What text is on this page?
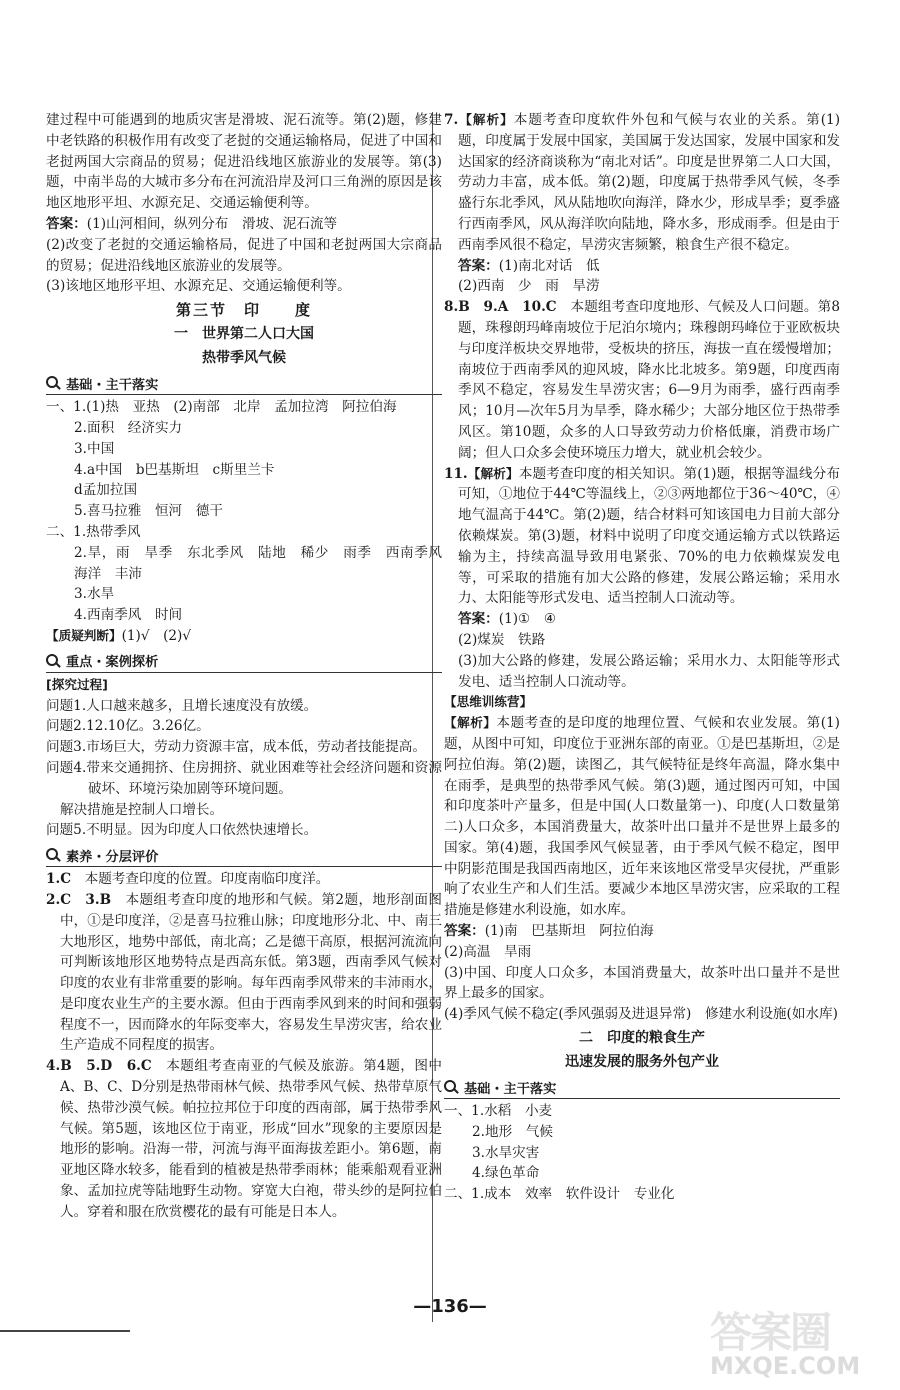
建过程中可能遇到的地质灾害是滑坡、泥石流等。第(2)题，修建中老铁路的积极作用有改变了老挝的交通运输格局，促进了中国和老挝两国大宗商品的贸易；促进沿线地区旅游业的发展等。第(3)题，中南半岛的大城市多分布在河流沿岸及河口三角洲的原因是该地区地形平坦、水源充足、交通运输便利等。

答案：(1)山河相间，纵列分布　滑坡、泥石流等

(2)改变了老挝的交通运输格局，促进了中国和老挝两国大宗商品的贸易；促进沿线地区旅游业的发展等。

(3)该地区地形平坦、水源充足、交通运输便利等。

第三节　印　　度
一　世界第二人口大国
热带季风气候
基础・主干落实

一、1.(1)热　亚热　(2)南部　北岸　孟加拉湾　阿拉伯海

2.面积　经济实力

3.中国

4.a中国　b巴基斯坦　c斯里兰卡

d孟加拉国

5.喜马拉雅　恒河　德干

二、1.热带季风

2.旱，雨　旱季　东北季风　陆地　稀少　雨季　西南季风　海洋　丰沛

3.水旱

4.西南季风　时间

【质疑判断】(1)√　(2)√

重点・案例探析

[探究过程]

问题1.人口越来越多，且增长速度没有放缓。

问题2.12.10亿。3.26亿。

问题3.市场巨大，劳动力资源丰富，成本低，劳动者技能提高。

问题4.带来交通拥挤、住房拥挤、就业困难等社会经济问题和资源破坏、环境污染加剧等环境问题。

解决措施是控制人口增长。

问题5.不明显。因为印度人口依然快速增长。

素养・分层评价

1.C　 本题考查印度的位置。印度南临印度洋。

2.C　3.B　 本题组考查印度的地形和气候。第2题，地形剖面图中，①是印度洋，②是喜马拉雅山脉；印度地形分北、中、南三大地形区，地势中部低，南北高；乙是德干高原，根据河流流向可判断该地形区地势特点是西高东低。第3题，西南季风气候对印度的农业有非常重要的影响。每年西南季风带来的丰沛雨水，是印度农业生产的主要水源。但由于西南季风到来的时间和强弱程度不一，因而降水的年际变率大，容易发生旱涝灾害，给农业生产造成不同程度的损害。

4.B　5.D　6.C　 本题组考查南亚的气候及旅游。第4题，图中A、B、C、D分别是热带雨林气候、热带季风气候、热带草原气候、热带沙漠气候。帕拉拉邦位于印度的西南部，属于热带季风气候。第5题，该地区位于南亚，形成“回水”现象的主要原因是地形的影响。沿海一带，河流与海平面海拔差距小。第6题，南亚地区降水较多，能看到的植被是热带季雨林；能乘船观看亚洲象、孟加拉虎等陆地野生动物。穿宽大白袍，带头纱的是阿拉伯人。穿着和服在欣赏樱花的最有可能是日本人。

7.【解析】本题考查印度软件外包和气候与农业的关系。第(1)题，印度属于发展中国家，美国属于发达国家，发展中国家和发达国家的经济商谈称为“南北对话”。印度是世界第二人口大国，劳动力丰富，成本低。第(2)题，印度属于热带季风气候，冬季盛行东北季风，风从陆地吹向海洋，降水少，形成旱季；夏季盛行西南季风，风从海洋吹向陆地，降水多，形成雨季。但是由于西南季风很不稳定，旱涝灾害频繁，粮食生产很不稳定。

答案：(1)南北对话　低

(2)西南　少　雨　旱涝

8.B　9.A　10.C　 本题组考查印度地形、气候及人口问题。第8题，珠穆朗玛峰南坡位于尼泊尔境内；珠穆朗玛峰位于亚欧板块与印度洋板块交界地带，受板块的挤压，海拔一直在缓慢增加；南坡位于西南季风的迎风坡，降水比北坡多。第9题，印度西南季风不稳定，容易发生旱涝灾害；6—9月为雨季，盛行西南季风；10月—次年5月为旱季，降水稀少；大部分地区位于热带季风区。第10题，众多的人口导致劳动力价格低廉，消费市场广阔；但人口众多会使环境压力增大，就业机会较少。

11.【解析】本题考查印度的相关知识。第(1)题，根据等温线分布可知，①地位于44℃等温线上，②③两地都位于36～40℃，④地气温高于44℃。第(2)题，结合材料可知该国电力目前大部分依赖煤炭。第(3)题，材料中说明了印度交通运输方式以铁路运输为主，持续高温导致用电紧张、70%的电力依赖煤炭发电等，可采取的措施有加大公路的修建，发展公路运输；采用水力、太阳能等形式发电、适当控制人口流动等。

答案：(1)①　④

(2)煤炭　铁路

(3)加大公路的修建，发展公路运输；采用水力、太阳能等形式发电、适当控制人口流动等。

【思维训练营】

【解析】本题考查的是印度的地理位置、气候和农业发展。第(1)题，从图中可知，印度位于亚洲东部的南亚。①是巴基斯坦，②是阿拉伯海。第(2)题，读图乙，其气候特征是终年高温，降水集中在雨季，是典型的热带季风气候。第(3)题，通过图丙可知，中国和印度茶叶产量多，但是中国(人口数量第一)、印度(人口数量第二)人口众多，本国消费量大，故茶叶出口量并不是世界上最多的国家。第(4)题，我国季风气候显著，由于季风气候不稳定，图甲中阴影范围是我国西南地区，近年来该地区常受旱灾侵扰，严重影响了农业生产和人们生活。要减少本地区旱涝灾害，应采取的工程措施是修建水利设施，如水库。

答案：(1)南　巴基斯坦　阿拉伯海

(2)高温　旱雨

(3)中国、印度人口众多，本国消费量大，故茶叶出口量并不是世界上最多的国家。

(4)季风气候不稳定(季风强弱及进退异常)　修建水利设施(如水库)

二　印度的粮食生产
迅速发展的服务外包产业
基础・主干落实

一、1.水稻　小麦

2.地形　气候

3.水旱灾害

4.绿色革命

二、1.成本　效率　软件设计　专业化

—136—
答案圈
MXQE.COM
